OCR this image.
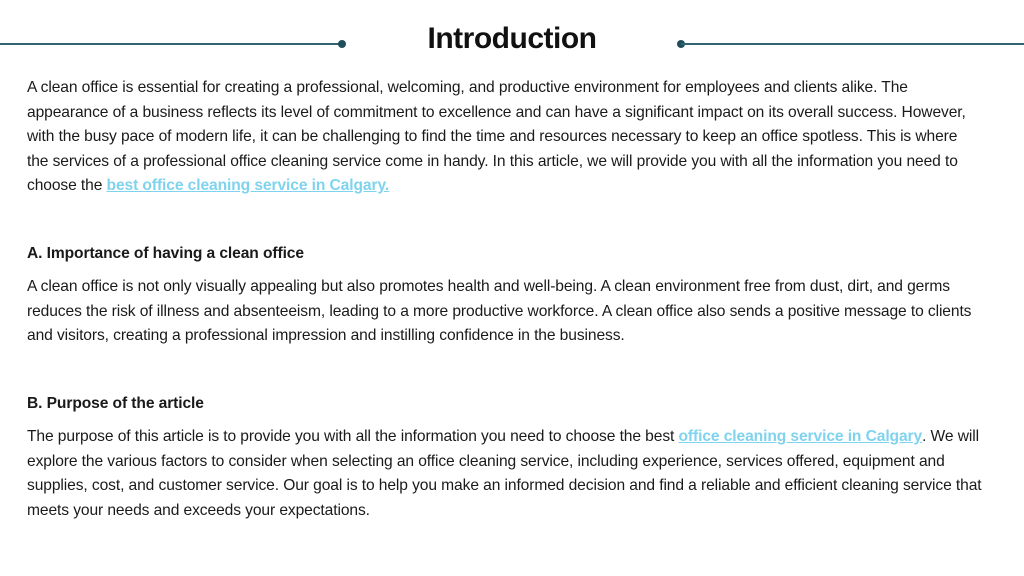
Introduction

A clean office is essential for creating a professional, welcoming, and productive environment for employees and clients alike. The appearance of a business reflects its level of commitment to excellence and can have a significant impact on its overall success. However, with the busy pace of modern life, it can be challenging to find the time and resources necessary to keep an office spotless. This is where the services of a professional office cleaning service come in handy. In this article, we will provide you with all the information you need to choose the best office cleaning service in Calgary.

A. Importance of having a clean office

A clean office is not only visually appealing but also promotes health and well-being. A clean environment free from dust, dirt, and germs reduces the risk of illness and absenteeism, leading to a more productive workforce. A clean office also sends a positive message to clients and visitors, creating a professional impression and instilling confidence in the business.

B. Purpose of the article

The purpose of this article is to provide you with all the information you need to choose the best office cleaning service in Calgary. We will explore the various factors to consider when selecting an office cleaning service, including experience, services offered, equipment and supplies, cost, and customer service. Our goal is to help you make an informed decision and find a reliable and efficient cleaning service that meets your needs and exceeds your expectations.
